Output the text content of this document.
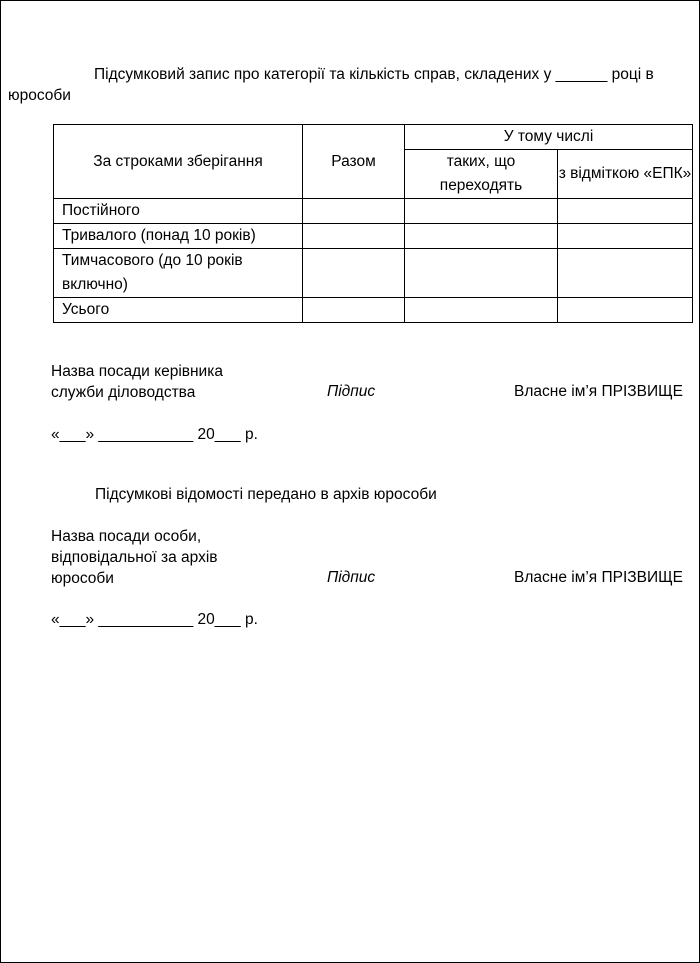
Підсумковий запис про категорії та кількість справ, складених у ______ році в юрособи

За строками зберігання	Разом	У тому числі	
		таких, що переходять	з відміткою «ЕПК»
Постійного			
Тривалого (понад 10 років)			
Тимчасового (до 10 років включно)			
Усього			
Назва посади керівника служби діловодства	Підпис	Власне ім’я ПРІЗВИЩЕ
«___» ___________ 20___ р.
Підсумкові відомості передано в архів юрособи
Назва посади особи, відповідальної за архів юрособи	Підпис	Власне ім’я ПРІЗВИЩЕ
«___» ___________ 20___ р.
